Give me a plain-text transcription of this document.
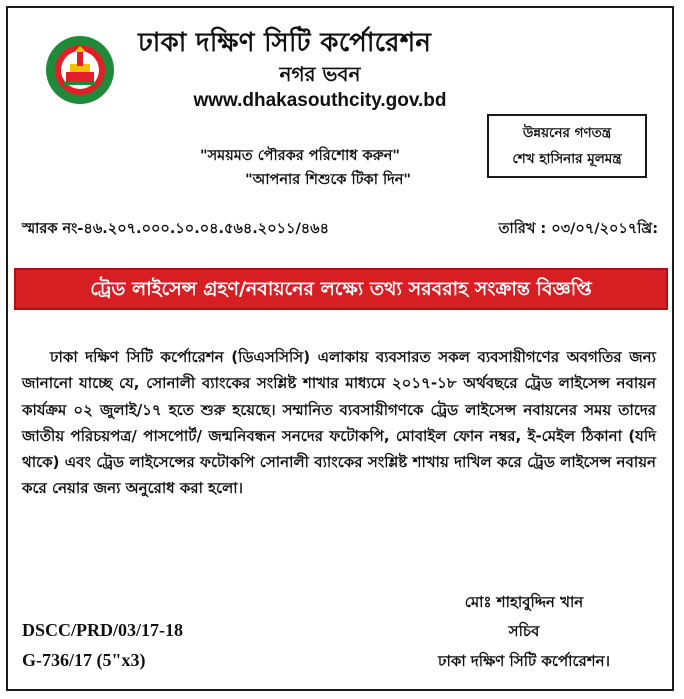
ঢাকা দক্ষিণ সিটি কর্পোরেশন
নগর ভবন
www.dhakasouthcity.gov.bd
উন্নয়নের গণতন্ত্র
শেখ হাসিনার মূলমন্ত্র
"সময়মত পৌরকর পরিশোধ করুন"
"আপনার শিশুকে টিকা দিন"
স্মারক নং-৪৬.২০৭.০০০.১০.০৪.৫৬৪.২০১১/৪৬৪	তারিখ : ০৩/০৭/২০১৭খ্রি:
ট্রেড লাইসেন্স গ্রহণ/নবায়নের লক্ষ্যে তথ্য সরবরাহ সংক্রান্ত বিজ্ঞপ্তি

ঢাকা দক্ষিণ সিটি কর্পোরেশন (ডিএসসিসি) এলাকায় ব্যবসারত সকল ব্যবসায়ীগণের অবগতির জন্য জানানো যাচ্ছে যে, সোনালী ব্যাংকের সংশ্লিষ্ট শাখার মাধ্যমে ২০১৭-১৮ অর্থবছরে ট্রেড লাইসেন্স নবায়ন কার্যক্রম ০২ জুলাই/১৭ হতে শুরু হয়েছে। সম্মানিত ব্যবসায়ীগণকে ট্রেড লাইসেন্স নবায়নের সময় তাদের জাতীয় পরিচয়পত্র/ পাসপোর্ট/ জন্মনিবন্ধন সনদের ফটোকপি, মোবাইল ফোন নম্বর, ই-মেইল ঠিকানা (যদি থাকে) এবং ট্রেড লাইসেন্সের ফটোকপি সোনালী ব্যাংকের সংশ্লিষ্ট শাখায় দাখিল করে ট্রেড লাইসেন্স নবায়ন করে নেয়ার জন্য অনুরোধ করা হলো।

মোঃ শাহাবুদ্দিন খান
সচিব
ঢাকা দক্ষিণ সিটি কর্পোরেশন।
DSCC/PRD/03/17-18
G-736/17 (5"x3)
